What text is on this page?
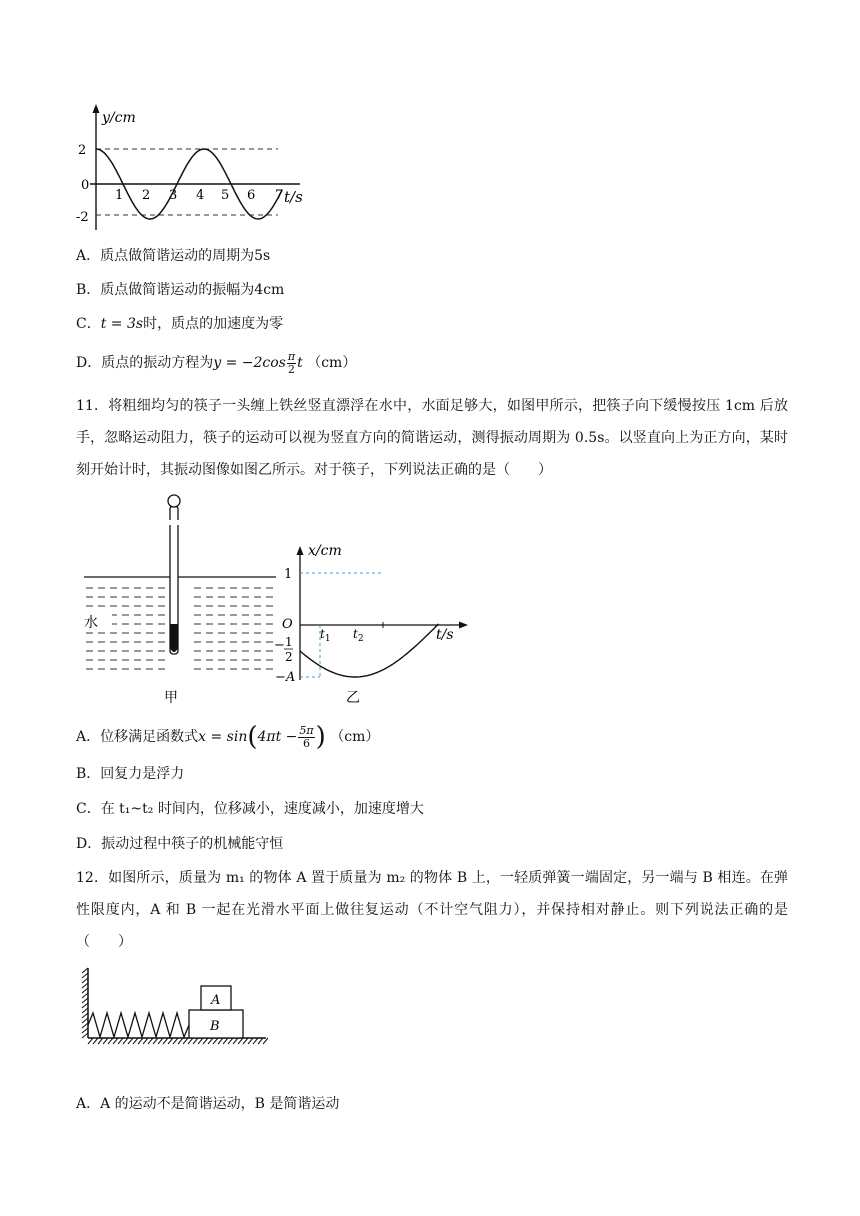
y/cm
2
0
-2
1 2 3 4 5 6 7 t/s
A．质点做简谐运动的周期为5s
B．质点做简谐运动的振幅为4cm
C．t = 3s时，质点的加速度为零
D．质点的振动方程为$y = -2\cos \frac{\pi}{2}$ t （cm）
11．将粗细均匀的筷子一头缠上铁丝竖直漂浮在水中，水面足够大，如图甲所示，把筷子向下缓慢按压 1cm 后放手，忽略运动阻力，筷子的运动可以视为竖直方向的简谐运动，测得振动周期为 0.5s。以竖直向上为正方向，某时刻开始计时，其振动图像如图乙所示。对于筷子，下列说法正确的是（　　）
水
甲
x/cm
1
O
− 1
2
−A
$t_1$ $t_2$	t/s
乙
A．位移满足函数式$x = \sin(4\pi t - \frac{5\pi}{6}$ ) （cm）
B．回复力是浮力
C．在 t₁~t₂ 时间内，位移减小，速度减小，加速度增大
D．振动过程中筷子的机械能守恒
12．如图所示，质量为 m₁ 的物体 A 置于质量为 m₂ 的物体 B 上，一轻质弹簧一端固定，另一端与 B 相连。在弹性限度内，A 和 B 一起在光滑水平面上做往复运动（不计空气阻力），并保持相对静止。则下列说法正确的是（　　）
A
B
A．A 的运动不是简谐运动，B 是简谐运动
